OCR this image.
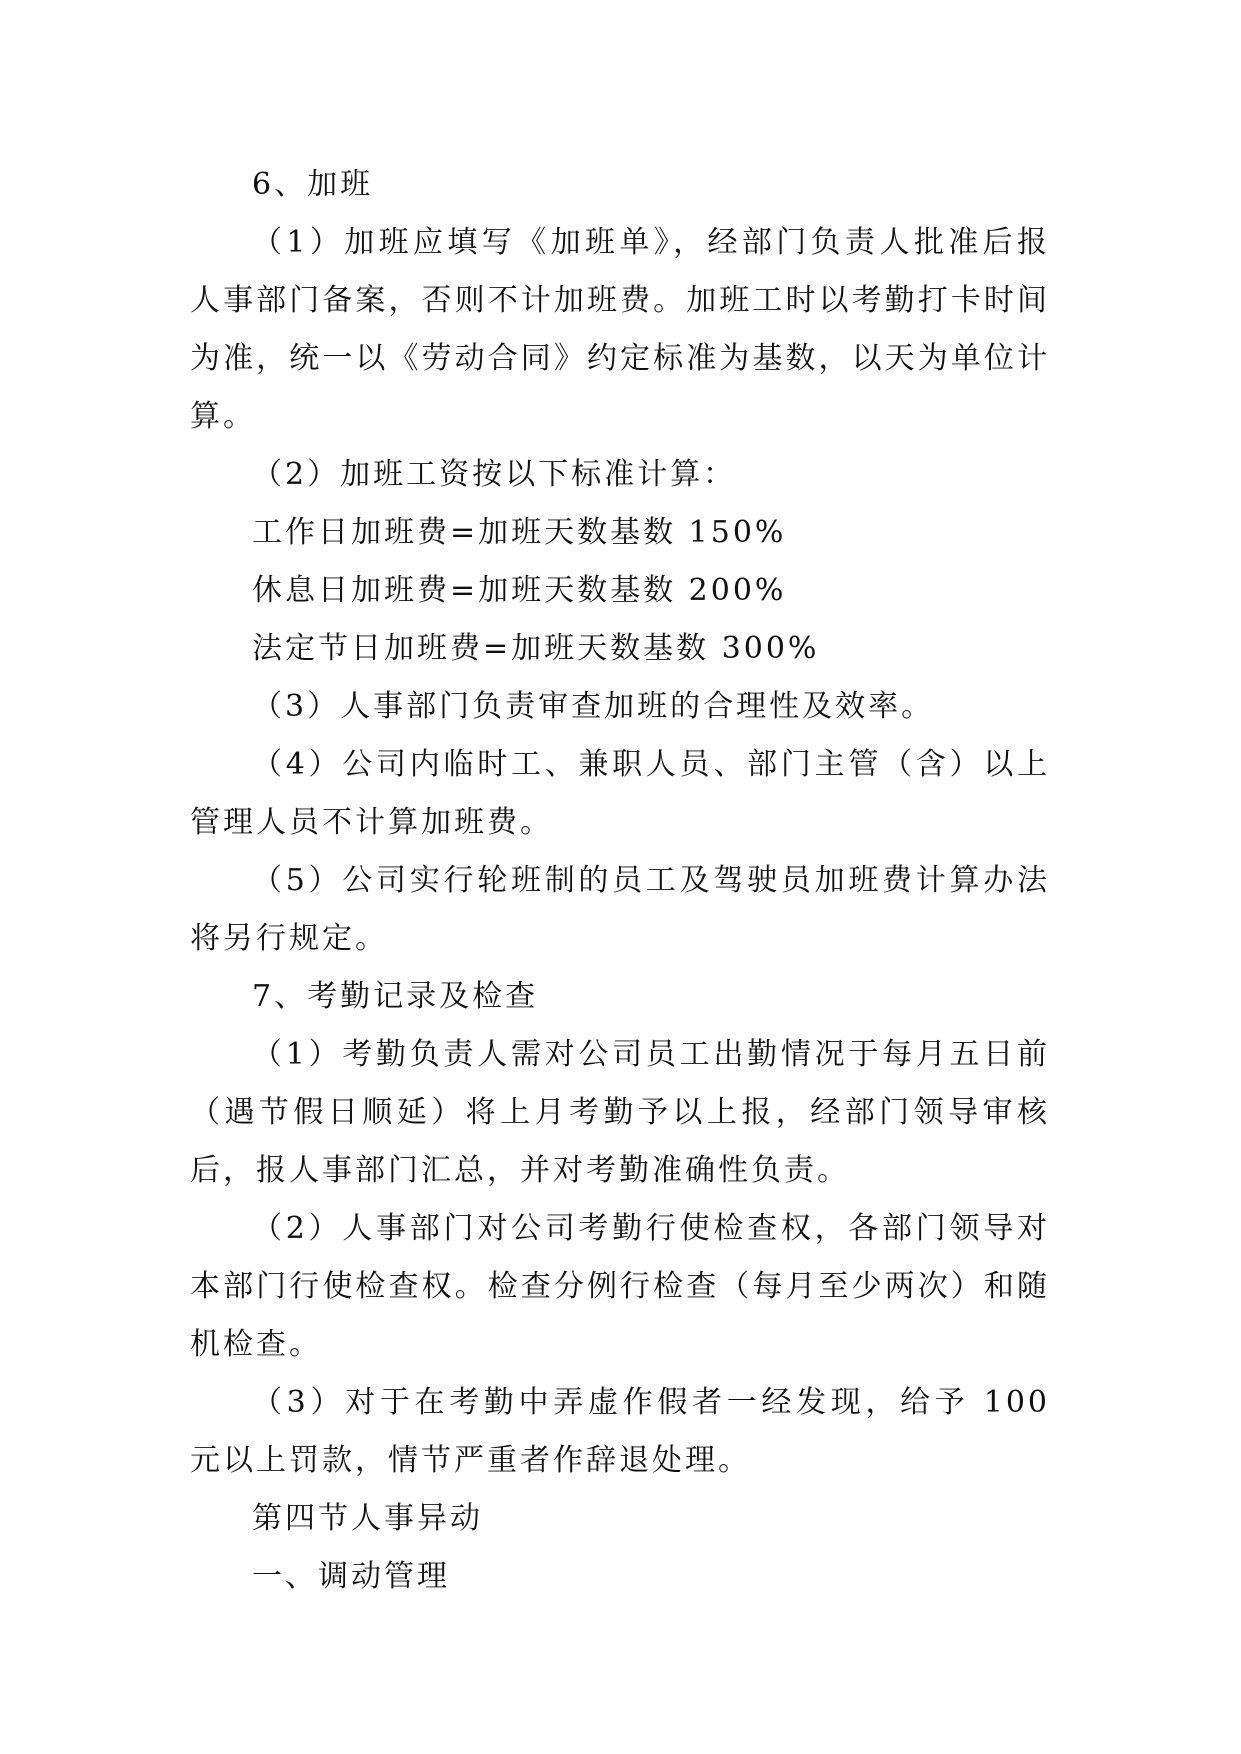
6、加班

（1）加班应填写《加班单》，经部门负责人批准后报人事部门备案，否则不计加班费。加班工时以考勤打卡时间为准，统一以《劳动合同》约定标准为基数，以天为单位计算。

（2）加班工资按以下标准计算：

工作日加班费=加班天数基数 150%

休息日加班费=加班天数基数 200%

法定节日加班费=加班天数基数 300%

（3）人事部门负责审查加班的合理性及效率。

（4）公司内临时工、兼职人员、部门主管（含）以上管理人员不计算加班费。

（5）公司实行轮班制的员工及驾驶员加班费计算办法将另行规定。

7、考勤记录及检查

（1）考勤负责人需对公司员工出勤情况于每月五日前（遇节假日顺延）将上月考勤予以上报，经部门领导审核后，报人事部门汇总，并对考勤准确性负责。

（2）人事部门对公司考勤行使检查权，各部门领导对本部门行使检查权。检查分例行检查（每月至少两次）和随机检查。

（3）对于在考勤中弄虚作假者一经发现，给予 100 元以上罚款，情节严重者作辞退处理。

第四节人事异动

一、调动管理
